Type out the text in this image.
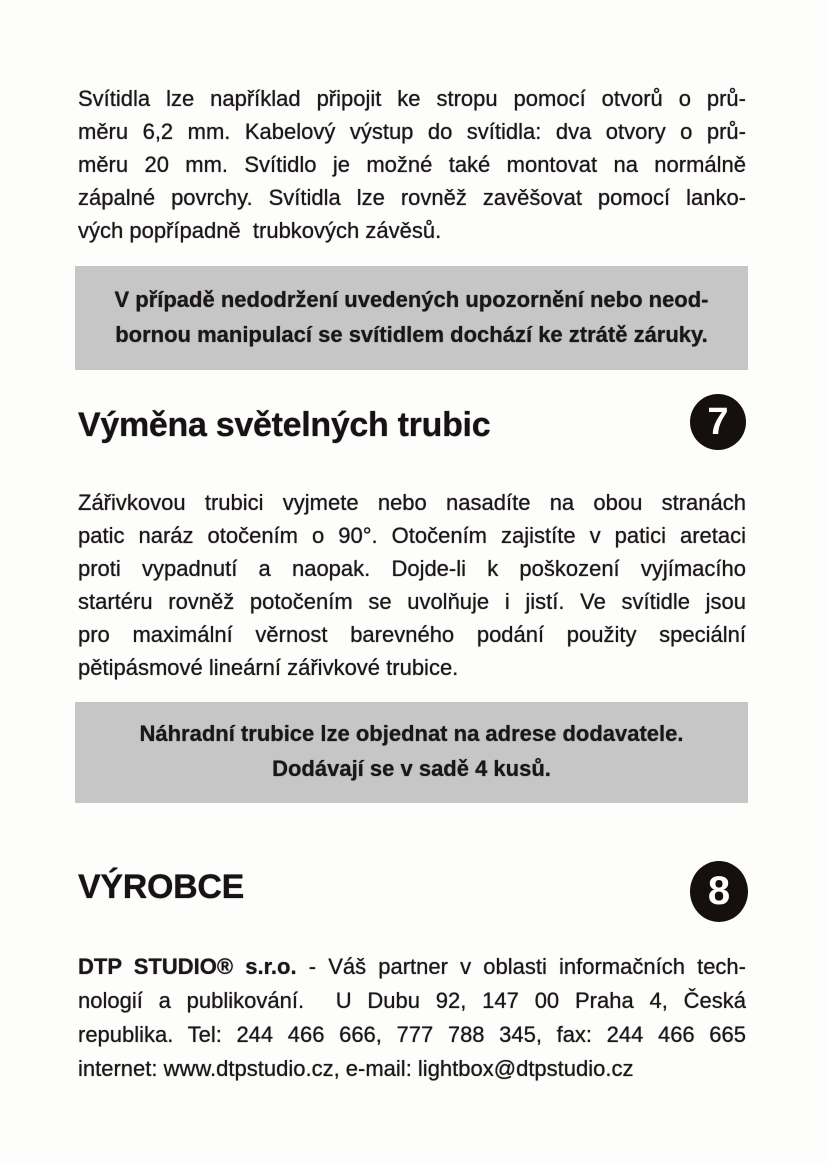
Svítidla lze například připojit ke stropu pomocí otvorů o prů-
měru 6,2 mm. Kabelový výstup do svítidla: dva otvory o prů-
měru 20 mm. Svítidlo je možné také montovat na normálně
zápalné povrchy. Svítidla lze rovněž zavěšovat pomocí lanko-
vých popřípadně  trubkových závěsů.
V případě nedodržení uvedených upozornění nebo neod-
bornou manipulací se svítidlem dochází ke ztrátě záruky.
Výměna světelných trubic	7
Zářivkovou trubici vyjmete nebo nasadíte na obou stranách
patic naráz otočením o 90°. Otočením zajistíte v patici aretaci
proti vypadnutí a naopak. Dojde-li k poškození vyjímacího
startéru rovněž potočením se uvolňuje i jistí. Ve svítidle jsou
pro maximální věrnost barevného podání použity speciální
pětipásmové lineární zářivkové trubice.
Náhradní trubice lze objednat na adrese dodavatele.
Dodávají se v sadě 4 kusů.
VÝROBCE	8
DTP STUDIO® s.r.o. - Váš partner v oblasti informačních tech-
nologií a publikování.  U Dubu 92, 147 00 Praha 4, Česká
republika. Tel: 244 466 666, 777 788 345, fax: 244 466 665
internet: www.dtpstudio.cz, e-mail: lightbox@dtpstudio.cz
